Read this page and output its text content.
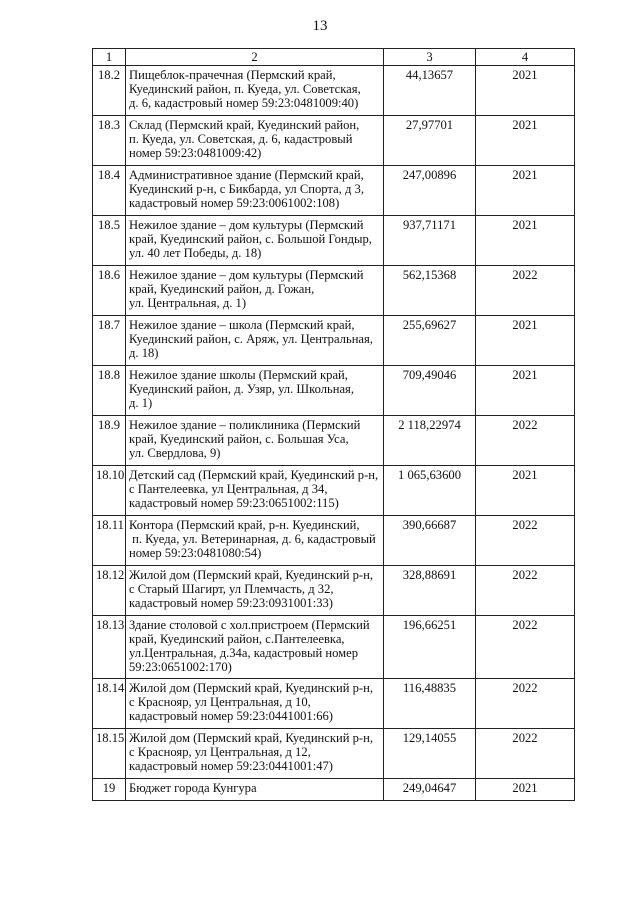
13
1	2	3	4
18.2	Пищеблок-прачечная (Пермский край,
Куединский район, п. Куеда, ул. Советская,
д. 6, кадастровый номер 59:23:0481009:40)	44,13657	2021
18.3	Склад (Пермский край, Куединский район,
п. Куеда, ул. Советская, д. 6, кадастровый
номер 59:23:0481009:42)	27,97701	2021
18.4	Административное здание (Пермский край,
Куединский р-н, с Бикбарда, ул Спорта, д 3,
кадастровый номер 59:23:0061002:108)	247,00896	2021
18.5	Нежилое здание – дом культуры (Пермский
край, Куединский район, с. Большой Гондыр,
ул. 40 лет Победы, д. 18)	937,71171	2021
18.6	Нежилое здание – дом культуры (Пермский
край, Куединский район, д. Гожан,
ул. Центральная, д. 1)	562,15368	2022
18.7	Нежилое здание – школа (Пермский край,
Куединский район, с. Аряж, ул. Центральная,
д. 18)	255,69627	2021
18.8	Нежилое здание школы (Пермский край,
Куединский район, д. Узяр, ул. Школьная,
д. 1)	709,49046	2021
18.9	Нежилое здание – поликлиника (Пермский
край, Куединский район, с. Большая Уса,
ул. Свердлова, 9)	2 118,22974	2022
18.10	Детский сад (Пермский край, Куединский р-н,
с Пантелеевка, ул Центральная, д 34,
кадастровый номер 59:23:0651002:115)	1 065,63600	2021
18.11	Контора (Пермский край, р-н. Куединский,
п. Куеда, ул. Ветеринарная, д. 6, кадастровый
номер 59:23:0481080:54)	390,66687	2022
18.12	Жилой дом (Пермский край, Куединский р-н,
с Старый Шагирт, ул Племчасть, д 32,
кадастровый номер 59:23:0931001:33)	328,88691	2022
18.13	Здание столовой с хол.пристроем (Пермский
край, Куединский район, с.Пантелеевка,
ул.Центральная, д.34а, кадастровый номер
59:23:0651002:170)	196,66251	2022
18.14	Жилой дом (Пермский край, Куединский р-н,
с Краснояр, ул Центральная, д 10,
кадастровый номер 59:23:0441001:66)	116,48835	2022
18.15	Жилой дом (Пермский край, Куединский р-н,
с Краснояр, ул Центральная, д 12,
кадастровый номер 59:23:0441001:47)	129,14055	2022
19	Бюджет города Кунгура	249,04647	2021
